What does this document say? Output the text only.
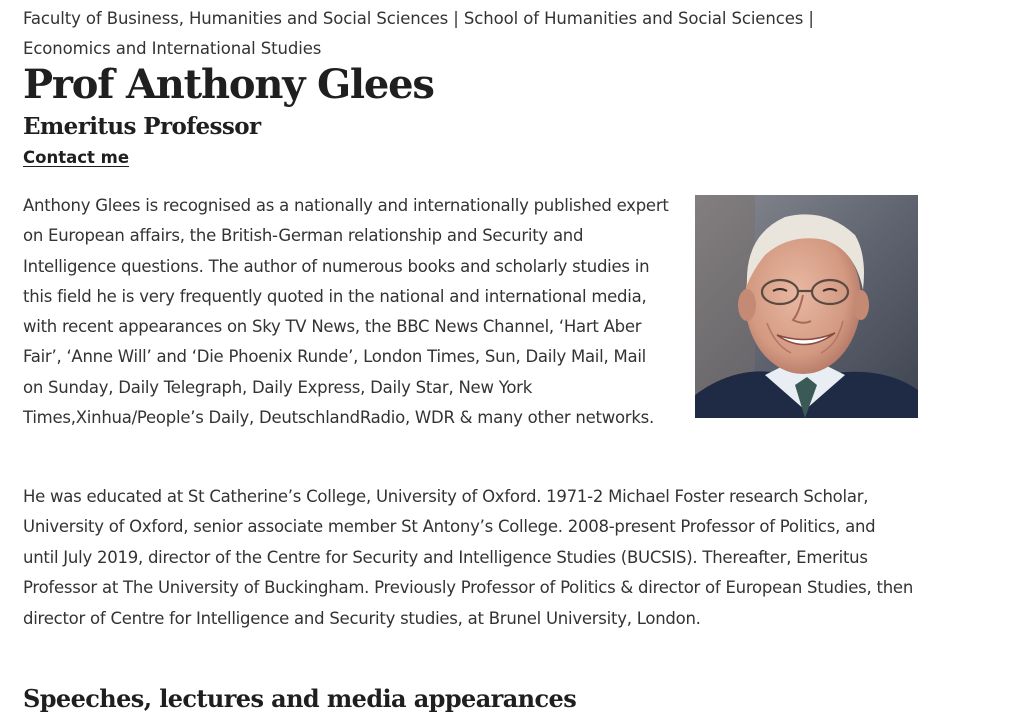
Faculty of Business, Humanities and Social Sciences | School of Humanities and Social Sciences |
Economics and International Studies
Prof Anthony Glees
Emeritus Professor
Contact me

Anthony Glees is recognised as a nationally and internationally published expert on European affairs, the British-German relationship and Security and Intelligence questions. The author of numerous books and scholarly studies in this field he is very frequently quoted in the national and international media, with recent appearances on Sky TV News, the BBC News Channel, ‘Hart Aber Fair’, ‘Anne Will’ and ‘Die Phoenix Runde’, London Times, Sun, Daily Mail, Mail on Sunday, Daily Telegraph, Daily Express, Daily Star, New York Times,Xinhua/People’s Daily, DeutschlandRadio, WDR & many other networks.

He was educated at St Catherine’s College, University of Oxford. 1971-2 Michael Foster research Scholar, University of Oxford, senior associate member St Antony’s College. 2008-present Professor of Politics, and until July 2019, director of the Centre for Security and Intelligence Studies (BUCSIS). Thereafter, Emeritus Professor at The University of Buckingham. Previously Professor of Politics & director of European Studies, then director of Centre for Intelligence and Security studies, at Brunel University, London.

Speeches, lectures and media appearances
